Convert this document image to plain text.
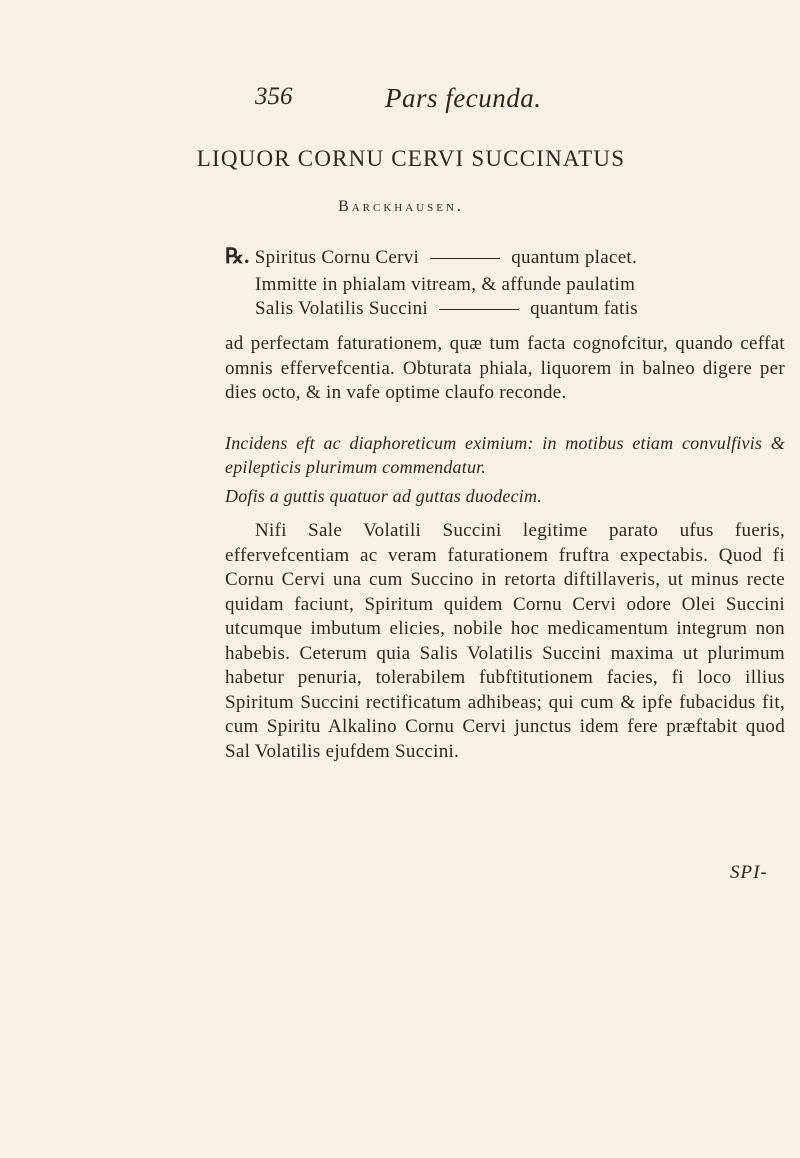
356	Pars fecunda.
LIQUOR CORNU CERVI SUCCINATUS
Barckhausen.
℞. Spiritus Cornu Cervi	quantum placet.
Immitte in phialam vitream, & affunde paulatim
Salis Volatilis Succini	quantum fatis

ad perfectam faturationem, quæ tum facta cognofcitur, quando ceffat omnis effervefcentia. Obturata phiala, liquorem in balneo digere per dies octo, & in vafe optime claufo reconde.

Incidens eft ac diaphoreticum eximium: in motibus etiam convulfivis & epilepticis plurimum commendatur.

Dofis a guttis quatuor ad guttas duodecim.

Nifi Sale Volatili Succini legitime parato ufus fueris, effervefcentiam ac veram faturationem fruftra expectabis. Quod fi Cornu Cervi una cum Succino in retorta diftillaveris, ut minus recte quidam faciunt, Spiritum quidem Cornu Cervi odore Olei Succini utcumque imbutum elicies, nobile hoc medicamentum integrum non habebis. Ceterum quia Salis Volatilis Succini maxima ut plurimum habetur penuria, tolerabilem fubftitutionem facies, fi loco illius Spiritum Succini rectificatum adhibeas; qui cum & ipfe fubacidus fit, cum Spiritu Alkalino Cornu Cervi junctus idem fere præftabit quod Sal Volatilis ejufdem Succini.

SPI-
